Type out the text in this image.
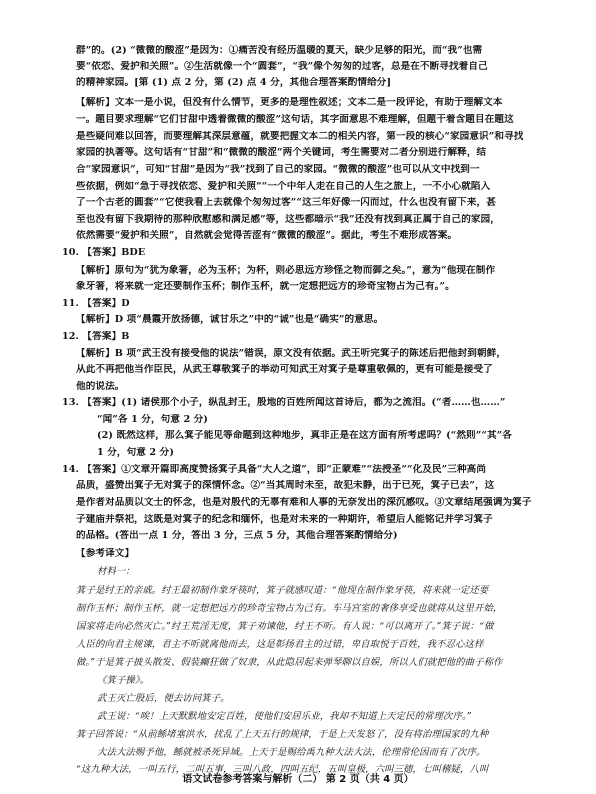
群”的。(2) “微微的酸涩”是因为：①痛苦没有经历温暖的夏天，缺少足够的阳光，而“我”也需
要“依恋、爱护和关照”。②生活就像一个“圆套”，“我”像个匆匆的过客，总是在不断寻找着自己
的精神家园。[第 (1) 点 2 分，第 (2) 点 4 分，其他合理答案酌情给分]
【解析】文本一是小说，但没有什么情节，更多的是理性叙述；文本二是一段评论，有助于理解文本
一。题目要求理解“它们甘甜中透着微微的酸涩”这句话，其字面意思不难理解，但题干着含题目在题这
是些疑问难以回答，而要理解其深层意蕴，就要把握文本二的相关内容，第一段的核心“家园意识”和寻找
家园的执著等。这句话有“甘甜”和“微微的酸涩”两个关键词，考生需要对二者分别进行解释，结
合“家园意识”，可知“甘甜”是因为“我”找到了自己的家园。“微微的酸涩”也可以从文中找到一
些依据，例如“急于寻找依恋、爱护和关照”“一个中年人走在自己的人生之旅上，一不小心就陷入
了一个古老的圆套”“它使我看上去就像个匆匆过客”“这三年好像一闪而过，什么也没有留下来，甚
至也没有留下我期待的那种欣慰感和满足感”等，这些都暗示“我”还没有找到真正属于自己的家园，
依然需要“爱护和关照”，自然就会觉得苦涩有“微微的酸涩”。据此，考生不难形成答案。
10. 【答案】BDE
【解析】原句为“犹为象箸，必为玉杯；为杯，则必思远方珍怪之物而御之矣。”，意为“他现在制作
象牙箸，将来就一定还要制作玉杯；制作玉杯，就一定想把远方的珍奇宝物占为己有。”。
11. 【答案】D
【解析】D 项“晨霞开放扬德，诚甘乐之”中的“诚”也是“确实”的意思。
12. 【答案】B
【解析】B 项“武王没有接受他的说法”错误，原文没有依据。武王听完箕子的陈述后把他封到朝鲜，
从此不再把他当作臣民，从武王尊敬箕子的举动可知武王对箕子是尊重敬佩的，更有可能是接受了
他的说法。
13. 【答案】(1) 诸侯那个小子，纵乱封王，殷地的百姓所闻这首诗后，都为之流泪。(“者……也……”
“闻”各 1 分，句意 2 分)
(2) 既然这样，那么箕子能见等命题到这种地步，真非正是在这方面有所考虑吗？(“然则”“其”各
1 分，句意 2 分)
14. 【答案】①文章开篇即高度赞扬箕子具备“大人之道”，即“正蒙难”“法授圣”“化及民”三种高尚
品质，盛赞出箕子无对箕子的深情怀念。②“当其周时未至，故犯未静，出于已死，箕子已去”，这
是作者对品质以文士的怀念，也是对殷代的无辜有难和人事的无奈发出的深沉感叹。③文章结尾强调为箕子
子建庙并祭祀，这既是对箕子的纪念和缅怀，也是对未来的一种期许，希望后人能铭记并学习箕子
的品格。(答出一点 1 分，答出 3 分，三点 5 分，其他合理答案酌情给分)
【参考译文】
材料一：
箕子是纣王的亲戚。纣王最初制作象牙筷时，箕子就感叹道：“他现在制作象牙筷，将来就一定还要
制作玉杯；制作玉杯，就一定想把远方的珍奇宝物占为己有。车马宫室的奢侈享受也就将从这里开始，
国家将走向必然灭亡。”纣王荒淫无度，箕子劝谏他，纣王不听。有人说：“可以离开了。”箕子说：“做
人臣的向君主规谏，君主不听就离他而去，这是彰扬君主的过错，卑自取悦于百姓，我不忍心这样
做。”于是箕子披头散发、假装癫狂做了奴隶，从此隐居起来弹琴聊以自娱，所以人们就把他的曲子称作
《箕子操》。
武王灭亡殷后，便去访问箕子。
武王说：“唉！上天默默地安定百姓，使他们安居乐业，我却不知道上天定民的常理次序。”
箕子回答说：“从前鲧堵塞洪水，扰乱了上天五行的规律，于是上天发怒了，没有将治理国家的九种
大法大法赐予他，鲧就被杀死异域。上天于是赐给禹九种大法大法，伦理常伦因而有了次序。
“这九种大法，一叫五行，二叫五事，三叫八政，四叫五纪，五叫皇极，六叫三德，七叫稽疑，八叫
语文试卷参考答案与解析（二） 第 2 页（共 4 页）
